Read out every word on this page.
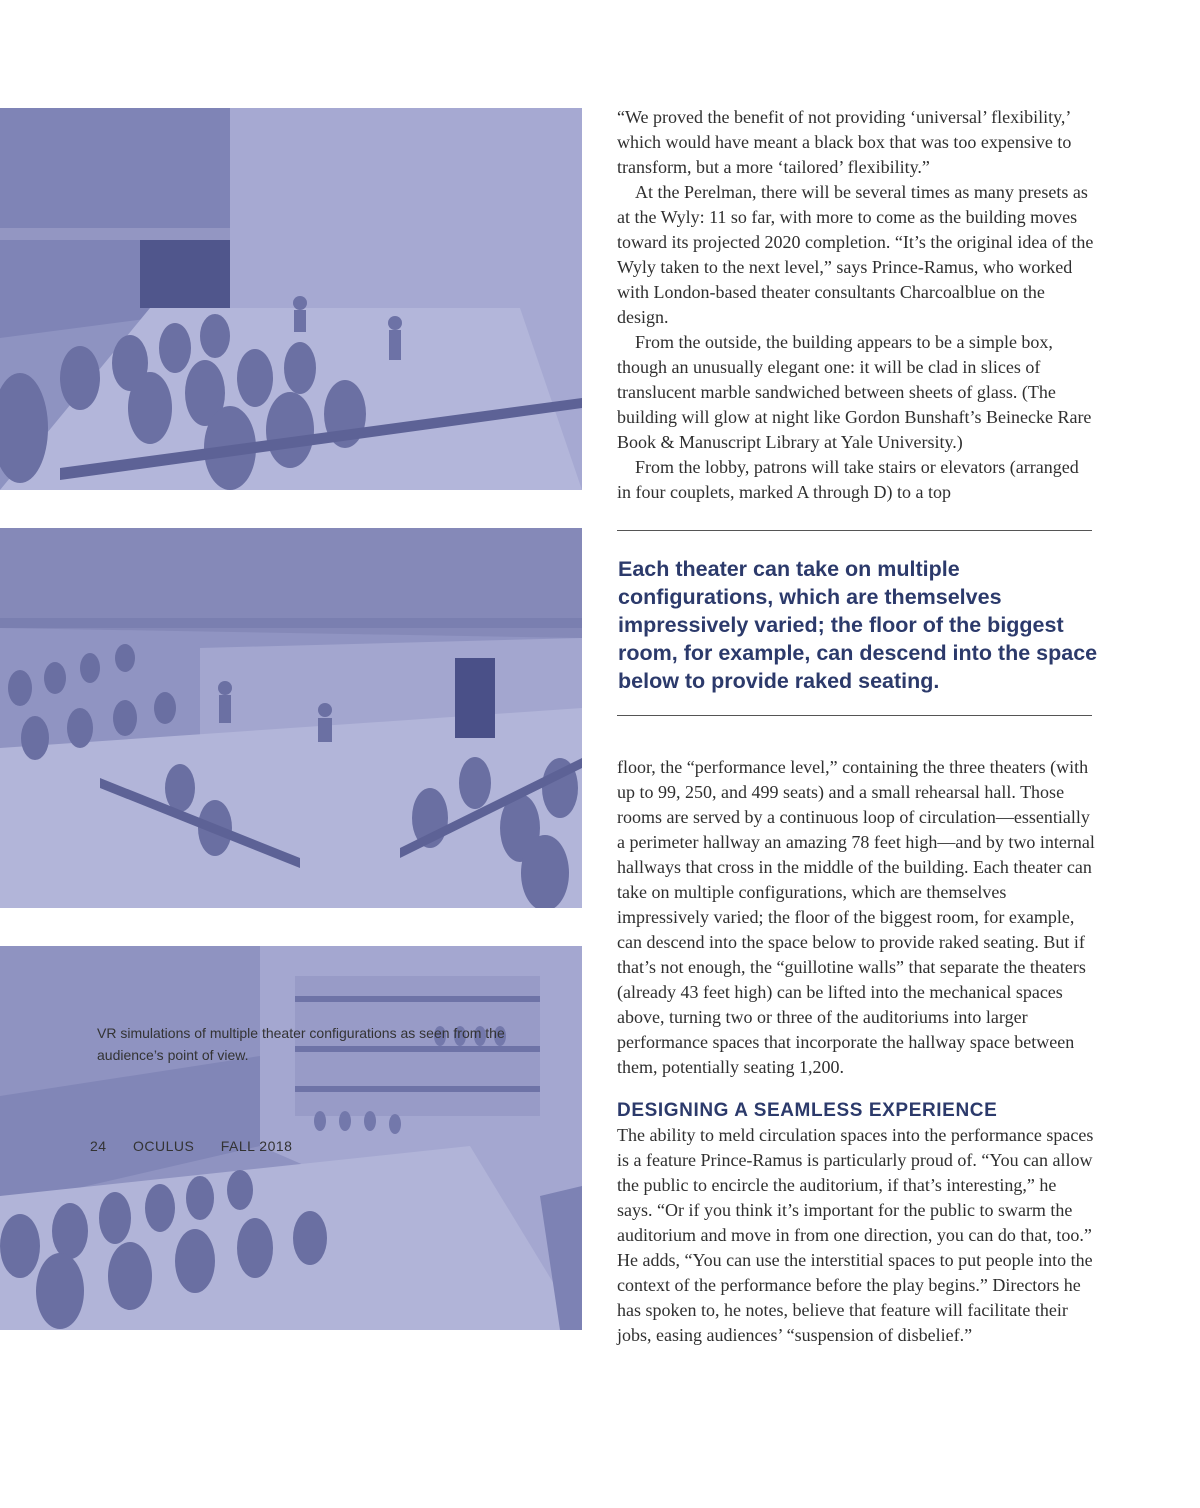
VR simulations of multiple theater configurations as seen from the audience’s point of view.
24 OCULUS FALL 2018

“We proved the benefit of not providing ‘universal’ flexibility,’ which would have meant a black box that was too expensive to transform, but a more ‘tailored’ flexibility.”

At the Perelman, there will be several times as many presets as at the Wyly: 11 so far, with more to come as the building moves toward its projected 2020 completion. “It’s the original idea of the Wyly taken to the next level,” says Prince-Ramus, who worked with London-based theater consultants Charcoalblue on the design.

From the outside, the building appears to be a simple box, though an unusually elegant one: it will be clad in slices of translucent marble sandwiched between sheets of glass. (The building will glow at night like Gordon Bunshaft’s Beinecke Rare Book & Manuscript Library at Yale University.)

From the lobby, patrons will take stairs or elevators (arranged in four couplets, marked A through D) to a top

Each theater can take on multiple configurations, which are themselves impressively varied; the floor of the biggest room, for example, can descend into the space below to provide raked seating.

floor, the “performance level,” containing the three theaters (with up to 99, 250, and 499 seats) and a small rehearsal hall. Those rooms are served by a continuous loop of circulation—essentially a perimeter hallway an amazing 78 feet high—and by two internal hallways that cross in the middle of the building. Each theater can take on multiple configurations, which are themselves impressively varied; the floor of the biggest room, for example, can descend into the space below to provide raked seating. But if that’s not enough, the “guillotine walls” that separate the theaters (already 43 feet high) can be lifted into the mechanical spaces above, turning two or three of the auditoriums into larger performance spaces that incorporate the hallway space between them, potentially seating 1,200.

DESIGNING A SEAMLESS EXPERIENCE

The ability to meld circulation spaces into the performance spaces is a feature Prince-Ramus is particularly proud of. “You can allow the public to encircle the auditorium, if that’s interesting,” he says. “Or if you think it’s important for the public to swarm the auditorium and move in from one direction, you can do that, too.” He adds, “You can use the interstitial spaces to put people into the context of the performance before the play begins.” Directors he has spoken to, he notes, believe that feature will facilitate their jobs, easing audiences’ “suspension of disbelief.”
